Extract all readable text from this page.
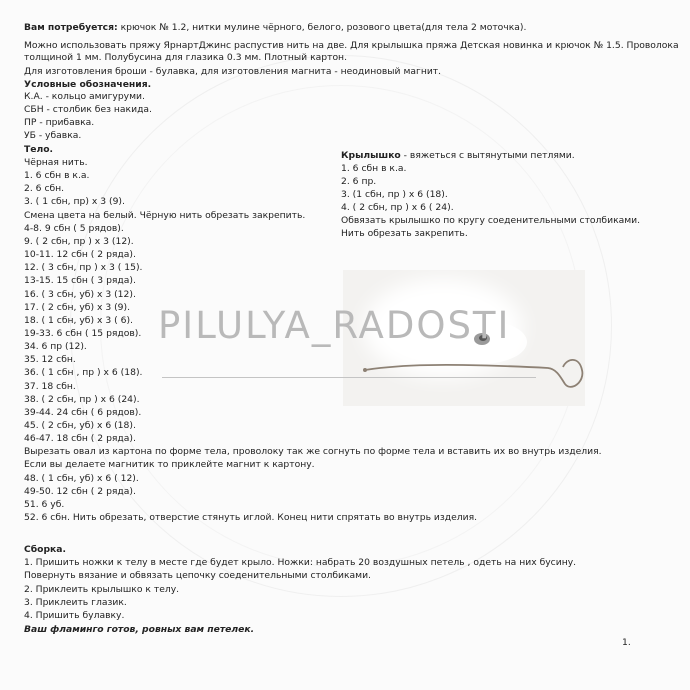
Вам потребуется: крючок № 1.2, нитки мулине чёрного, белого, розового цвета(для тела 2 моточка).
Можно использовать пряжу ЯрнартДжинс распустив нить на две. Для крылышка пряжа Детская новинка и крючок № 1.5. Проволока
толщиной 1 мм. Полубусина для глазика 0.3 мм. Плотный картон.
Для изготовления броши - булавка, для изготовления магнита - неодиновый магнит.
Условные обозначения.
К.А. - кольцо амигуруми.
СБН - столбик без накида.
ПР - прибавка.
УБ - убавка.
Тело.
Чёрная нить.
1. 6 сбн в к.а.
2. 6 сбн.
3. ( 1 сбн, пр) х 3 (9).
Смена цвета на белый. Чёрную нить обрезать закрепить.
4-8. 9 сбн ( 5 рядов).
9. ( 2 сбн, пр ) х 3 (12).
10-11. 12 сбн ( 2 ряда).
12. ( 3 сбн, пр ) х 3 ( 15).
13-15. 15 сбн ( 3 ряда).
16. ( 3 сбн, уб) х 3 (12).
17. ( 2 сбн, уб) х 3 (9).
18. ( 1 сбн, уб) х 3 ( 6).
19-33. 6 сбн ( 15 рядов).
34. 6 пр (12).
35. 12 сбн.
36. ( 1 сбн , пр ) х 6 (18).
37. 18 сбн.
38. ( 2 сбн, пр ) х 6 (24).
39-44. 24 сбн ( 6 рядов).
45. ( 2 сбн, уб) х 6 (18).
46-47. 18 сбн ( 2 ряда).
Вырезать овал из картона по форме тела, проволоку так же согнуть по форме тела и вставить их во внутрь изделия.
Если вы делаете магнитик то приклейте магнит к картону.
48. ( 1 сбн, уб) х 6 ( 12).
49-50. 12 сбн ( 2 ряда).
51. 6 уб.
52. 6 сбн. Нить обрезать, отверстие стянуть иглой. Конец нити спрятать во внутрь изделия.
Крылышко - вяжеться с вытянутыми петлями.
1. 6 сбн в к.а.
2. 6 пр.
3. (1 сбн, пр ) х 6 (18).
4. ( 2 сбн, пр ) х 6 ( 24).
Обвязать крылышко по кругу соеденительными столбиками.
Нить обрезать закрепить.
PILULYA_RADOSTI
Сборка.
1. Пришить ножки к телу в месте где будет крыло. Ножки: набрать 20 воздушных петель , одеть на них бусину.
Повернуть вязание и обвязать цепочку соеденительными столбиками.
2. Приклеить крылышко к телу.
3. Приклеить глазик.
4. Пришить булавку.
Ваш фламинго готов, ровных вам петелек.
1.
